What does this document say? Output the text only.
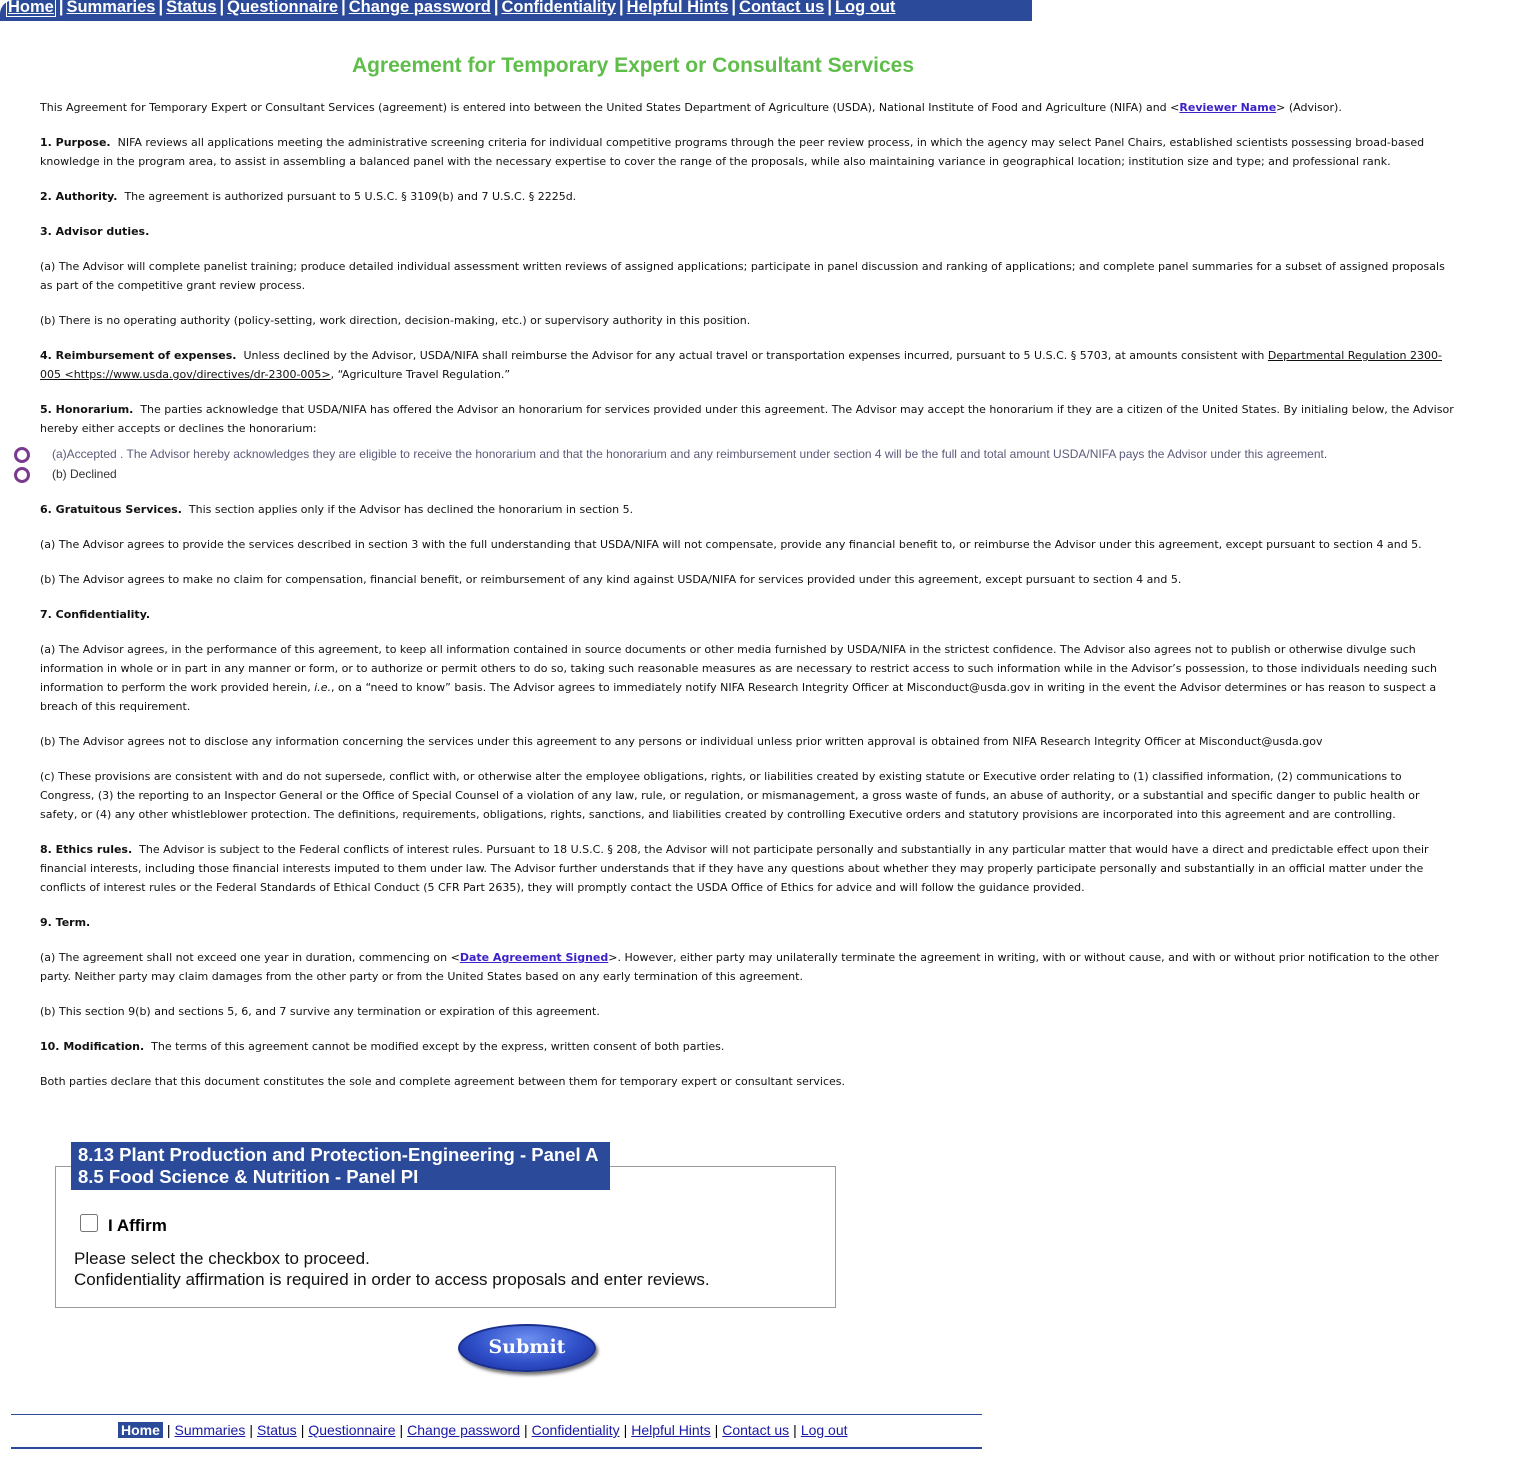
Home | Summaries | Status | Questionnaire | Change password | Confidentiality | Helpful Hints | Contact us | Log out
Agreement for Temporary Expert or Consultant Services

This Agreement for Temporary Expert or Consultant Services (agreement) is entered into between the United States Department of Agriculture (USDA), National Institute of Food and Agriculture (NIFA) and <Reviewer Name> (Advisor).

1. Purpose. NIFA reviews all applications meeting the administrative screening criteria for individual competitive programs through the peer review process, in which the agency may select Panel Chairs, established scientists possessing broad-based knowledge in the program area, to assist in assembling a balanced panel with the necessary expertise to cover the range of the proposals, while also maintaining variance in geographical location; institution size and type; and professional rank.

2. Authority. The agreement is authorized pursuant to 5 U.S.C. § 3109(b) and 7 U.S.C. § 2225d.

3. Advisor duties.

(a) The Advisor will complete panelist training; produce detailed individual assessment written reviews of assigned applications; participate in panel discussion and ranking of applications; and complete panel summaries for a subset of assigned proposals as part of the competitive grant review process.

(b) There is no operating authority (policy-setting, work direction, decision-making, etc.) or supervisory authority in this position.

4. Reimbursement of expenses. Unless declined by the Advisor, USDA/NIFA shall reimburse the Advisor for any actual travel or transportation expenses incurred, pursuant to 5 U.S.C. § 5703, at amounts consistent with Departmental Regulation 2300-005 <https://www.usda.gov/directives/dr-2300-005>, “Agriculture Travel Regulation.”

5. Honorarium. The parties acknowledge that USDA/NIFA has offered the Advisor an honorarium for services provided under this agreement. The Advisor may accept the honorarium if they are a citizen of the United States. By initialing below, the Advisor hereby either accepts or declines the honorarium:

(a)Accepted . The Advisor hereby acknowledges they are eligible to receive the honorarium and that the honorarium and any reimbursement under section 4 will be the full and total amount USDA/NIFA pays the Advisor under this agreement.
(b) Declined

6. Gratuitous Services. This section applies only if the Advisor has declined the honorarium in section 5.

(a) The Advisor agrees to provide the services described in section 3 with the full understanding that USDA/NIFA will not compensate, provide any financial benefit to, or reimburse the Advisor under this agreement, except pursuant to section 4 and 5.

(b) The Advisor agrees to make no claim for compensation, financial benefit, or reimbursement of any kind against USDA/NIFA for services provided under this agreement, except pursuant to section 4 and 5.

7. Confidentiality.

(a) The Advisor agrees, in the performance of this agreement, to keep all information contained in source documents or other media furnished by USDA/NIFA in the strictest confidence. The Advisor also agrees not to publish or otherwise divulge such information in whole or in part in any manner or form, or to authorize or permit others to do so, taking such reasonable measures as are necessary to restrict access to such information while in the Advisor’s possession, to those individuals needing such information to perform the work provided herein, i.e., on a “need to know” basis. The Advisor agrees to immediately notify NIFA Research Integrity Officer at Misconduct@usda.gov in writing in the event the Advisor determines or has reason to suspect a breach of this requirement.

(b) The Advisor agrees not to disclose any information concerning the services under this agreement to any persons or individual unless prior written approval is obtained from NIFA Research Integrity Officer at Misconduct@usda.gov

(c) These provisions are consistent with and do not supersede, conflict with, or otherwise alter the employee obligations, rights, or liabilities created by existing statute or Executive order relating to (1) classified information, (2) communications to Congress, (3) the reporting to an Inspector General or the Office of Special Counsel of a violation of any law, rule, or regulation, or mismanagement, a gross waste of funds, an abuse of authority, or a substantial and specific danger to public health or safety, or (4) any other whistleblower protection. The definitions, requirements, obligations, rights, sanctions, and liabilities created by controlling Executive orders and statutory provisions are incorporated into this agreement and are controlling.

8. Ethics rules. The Advisor is subject to the Federal conflicts of interest rules. Pursuant to 18 U.S.C. § 208, the Advisor will not participate personally and substantially in any particular matter that would have a direct and predictable effect upon their financial interests, including those financial interests imputed to them under law. The Advisor further understands that if they have any questions about whether they may properly participate personally and substantially in an official matter under the conflicts of interest rules or the Federal Standards of Ethical Conduct (5 CFR Part 2635), they will promptly contact the USDA Office of Ethics for advice and will follow the guidance provided.

9. Term.

(a) The agreement shall not exceed one year in duration, commencing on <Date Agreement Signed>. However, either party may unilaterally terminate the agreement in writing, with or without cause, and with or without prior notification to the other party. Neither party may claim damages from the other party or from the United States based on any early termination of this agreement.

(b) This section 9(b) and sections 5, 6, and 7 survive any termination or expiration of this agreement.

10. Modification. The terms of this agreement cannot be modified except by the express, written consent of both parties.

Both parties declare that this document constitutes the sole and complete agreement between them for temporary expert or consultant services.

8.13 Plant Production and Protection-Engineering - Panel A
8.5 Food Science & Nutrition - Panel PI
I Affirm
Please select the checkbox to proceed.
Confidentiality affirmation is required in order to access proposals and enter reviews.
Submit
Home | Summaries | Status | Questionnaire | Change password | Confidentiality | Helpful Hints | Contact us | Log out
